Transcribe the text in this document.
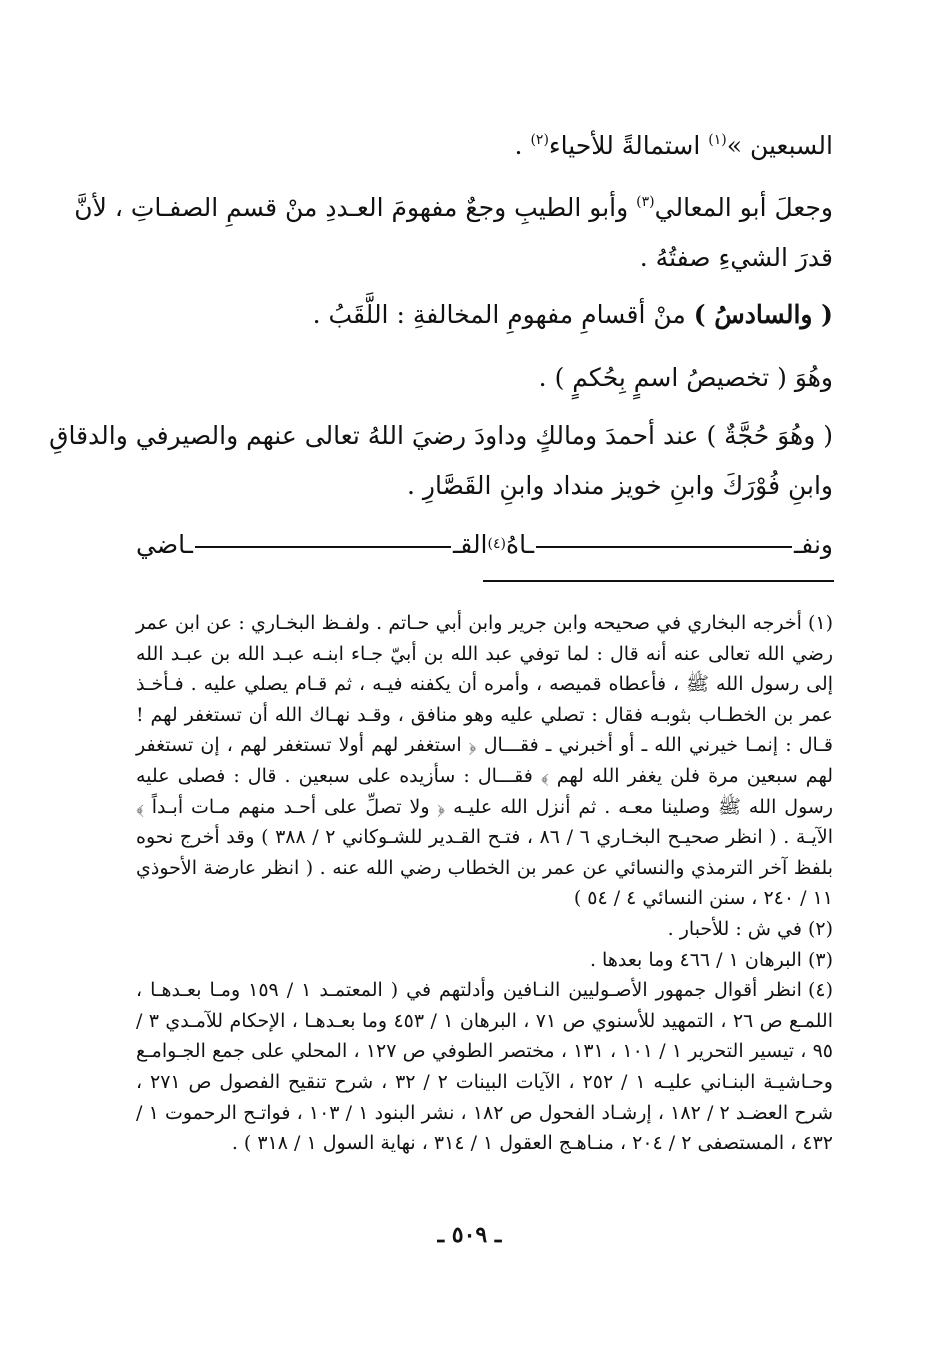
السبعين »$^{(١)}$ استمالةً للأحياء$^{(٢)}$ .
وجعلَ أبو المعالي$^{(٣)}$ وأبو الطيبِ وجعٌ مفهومَ العـددِ منْ قسمِ الصفـاتِ ، لأنَّ
قدرَ الشيءِ صفتُهُ .
( والسادسُ ) منْ أقسامِ مفهومِ المخالفةِ : اللَّقَبُ .
وهُوَ ( تخصيصُ اسمٍ بِحُكمٍ ) .
( وهُوَ حُجَّةٌ ) عند أحمدَ ومالكٍ وداودَ رضيَ اللهُ تعالى عنهم والصيرفي والدقاقِ
وابنِ فُوْرَكَ وابنِ خويز منداد وابنِ القَصَّارِ .
ونفـ
ـاهُ
(٤)
القـ
ـاضي

(١)أخرجه البخاري في صحيحه وابن جرير وابن أبي حـاتم . ولفـظ البخـاري : عن ابن عمر رضي الله تعالى عنه أنه قال : لما توفي عبد الله بن أبيّ جـاء ابنـه عبـد الله بن عبـد الله إلى رسول الله ﷺ ، فأعطاه قميصه ، وأمره أن يكفنه فيـه ، ثم قـام يصلي عليه . فـأخـذ عمر بن الخطـاب بثوبـه فقال : تصلي عليه وهو منافق ، وقـد نهـاك الله أن تستغفر لهم ! قـال : إنمـا خيرني الله ـ أو أخبرني ـ فقـــال ﴿ استغفر لهم أولا تستغفر لهم ، إن تستغفر لهم سبعين مرة فلن يغفر الله لهم ﴾ فقـــال : سأزيده على سبعين . قال : فصلى عليه رسول الله ﷺ وصلينا معـه . ثم أنزل الله عليـه ﴿ ولا تصلِّ على أحـد منهم مـات أبـداً ﴾ الآيـة . ( انظر صحيـح البخـاري ٦ / ٨٦ ، فتـح القـدير للشـوكاني ٢ / ٣٨٨ ) وقد أخرج نحوه بلفظ آخر الترمذي والنسائي عن عمر بن الخطاب رضي الله عنه . ( انظر عارضة الأحوذي ١١ / ٢٤٠ ، سنن النسائي ٤ / ٥٤ )

(٢)في ش : للأحبار .

(٣)البرهان ١ / ٤٦٦ وما بعدها .

(٤)انظر أقوال جمهور الأصـوليين النـافين وأدلتهم في ( المعتمـد ١ / ١٥٩ ومـا بعـدهـا ، اللمـع ص ٢٦ ، التمهيد للأسنوي ص ٧١ ، البرهان ١ / ٤٥٣ وما بعـدهـا ، الإحكام للآمـدي ٣ / ٩٥ ، تيسير التحرير ١ / ١٠١ ، ١٣١ ، مختصر الطوفي ص ١٢٧ ، المحلي على جمع الجـوامـع وحـاشيـة البنـاني عليـه ١ / ٢٥٢ ، الآيات البينات ٢ / ٣٢ ، شرح تنقيح الفصول ص ٢٧١ ، شرح العضـد ٢ / ١٨٢ ، إرشـاد الفحول ص ١٨٢ ، نشر البنود ١ / ١٠٣ ، فواتـح الرحموت ١ / ٤٣٢ ، المستصفى ٢ / ٢٠٤ ، منـاهـج العقول ١ / ٣١٤ ، نهاية السول ١ / ٣١٨ ) .

ـ ٥٠٩ ـ
